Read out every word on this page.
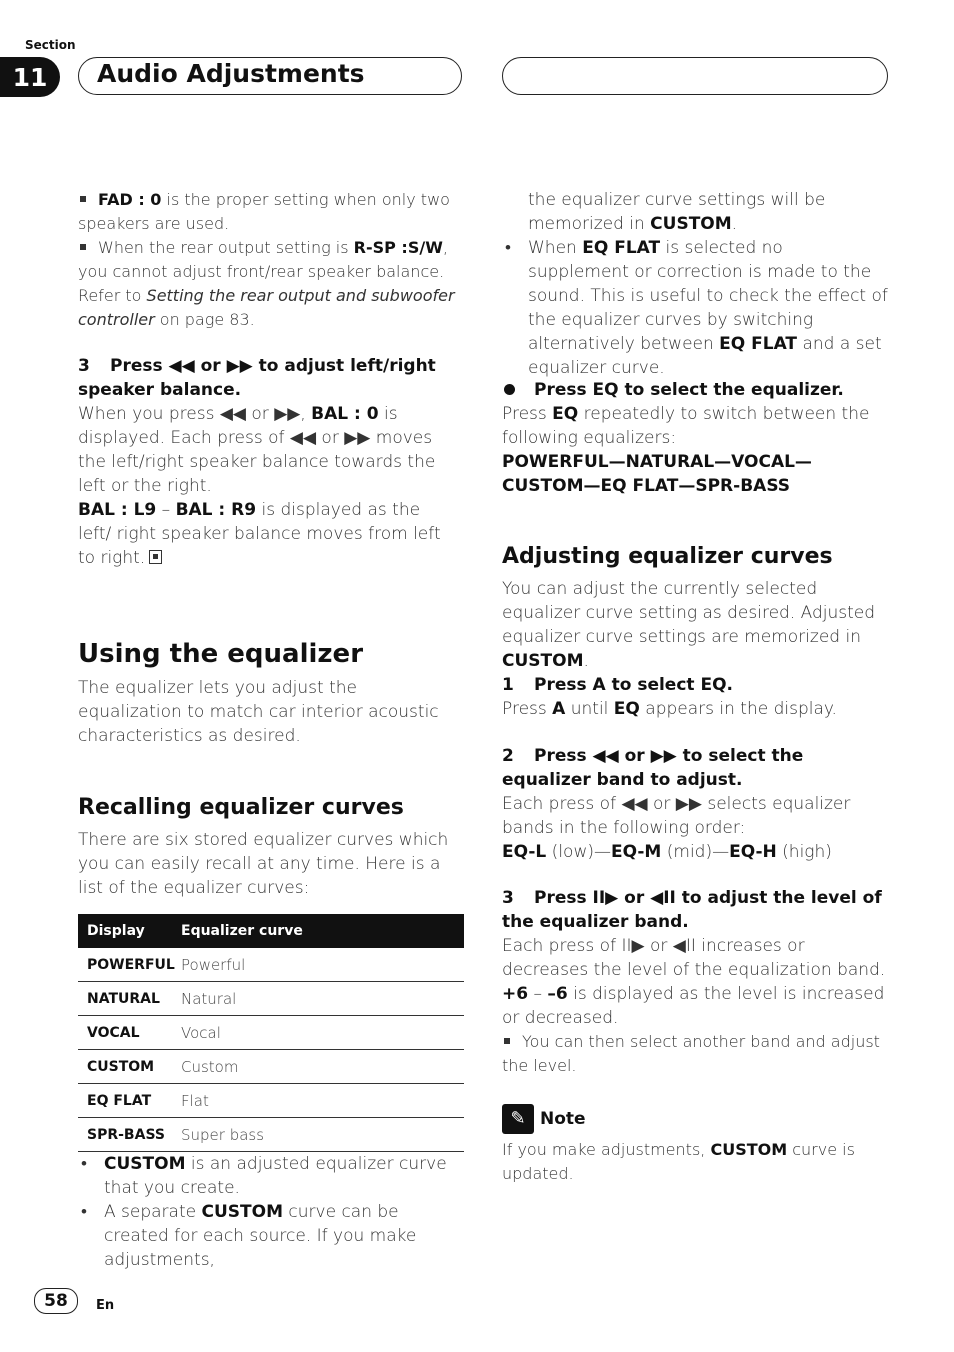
Section
11	Audio Adjustments

FAD : 0 is the proper setting when only two speakers are used.

When the rear output setting is R-SP :S/W, you cannot adjust front/rear speaker balance. Refer to Setting the rear output and subwoofer controller on page 83.

3 Press ◀◀ or ▶▶ to adjust left/right speaker balance.

When you press ◀◀ or ▶▶, BAL : 0 is displayed. Each press of ◀◀ or ▶▶ moves the left/right speaker balance towards the left or the right.

BAL : L9 – BAL : R9 is displayed as the left/ right speaker balance moves from left to right.

Using the equalizer

The equalizer lets you adjust the equalization to match car interior acoustic characteristics as desired.

Recalling equalizer curves

There are six stored equalizer curves which you can easily recall at any time. Here is a list of the equalizer curves:

Display	Equalizer curve
POWERFUL	Powerful
NATURAL	Natural
VOCAL	Vocal
CUSTOM	Custom
EQ FLAT	Flat
SPR-BASS	Super bass

• CUSTOM is an adjusted equalizer curve that you create.

• A separate CUSTOM curve can be created for each source. If you make adjustments,

the equalizer curve settings will be memorized in CUSTOM.

• When EQ FLAT is selected no supplement or correction is made to the sound. This is useful to check the effect of the equalizer curves by switching alternatively between EQ FLAT and a set equalizer curve.

Press EQ to select the equalizer.

Press EQ repeatedly to switch between the following equalizers:

POWERFUL—NATURAL—VOCAL—CUSTOM—EQ FLAT—SPR-BASS

Adjusting equalizer curves

You can adjust the currently selected equalizer curve setting as desired. Adjusted equalizer curve settings are memorized in CUSTOM.

1 Press A to select EQ.

Press A until EQ appears in the display.

2 Press ◀◀ or ▶▶ to select the equalizer band to adjust.

Each press of ◀◀ or ▶▶ selects equalizer bands in the following order:

EQ-L (low)—EQ-M (mid)—EQ-H (high)

3 Press II▶ or ◀II to adjust the level of the equalizer band.

Each press of II▶ or ◀II increases or decreases the level of the equalization band.

+6 – –6 is displayed as the level is increased or decreased.

You can then select another band and adjust the level.

✎ Note

If you make adjustments, CUSTOM curve is updated.

58	En
